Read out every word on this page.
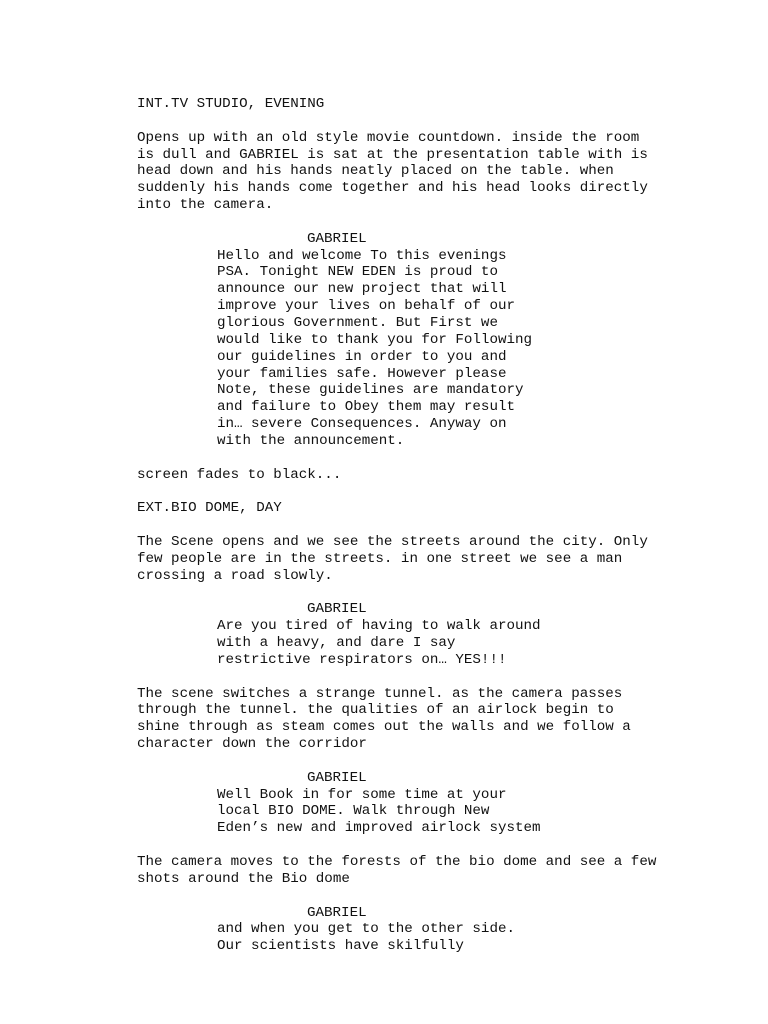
INT.TV STUDIO, EVENING
Opens up with an old style movie countdown. inside the room
is dull and GABRIEL is sat at the presentation table with is
head down and his hands neatly placed on the table. when
suddenly his hands come together and his head looks directly
into the camera.
GABRIEL
Hello and welcome To this evenings
PSA. Tonight NEW EDEN is proud to
announce our new project that will
improve your lives on behalf of our
glorious Government. But First we
would like to thank you for Following
our guidelines in order to you and
your families safe. However please
Note, these guidelines are mandatory
and failure to Obey them may result
in… severe Consequences. Anyway on
with the announcement.
screen fades to black...
EXT.BIO DOME, DAY
The Scene opens and we see the streets around the city. Only
few people are in the streets. in one street we see a man
crossing a road slowly.
GABRIEL
Are you tired of having to walk around
with a heavy, and dare I say
restrictive respirators on… YES!!!
The scene switches a strange tunnel. as the camera passes
through the tunnel. the qualities of an airlock begin to
shine through as steam comes out the walls and we follow a
character down the corridor
GABRIEL
Well Book in for some time at your
local BIO DOME. Walk through New
Eden’s new and improved airlock system
The camera moves to the forests of the bio dome and see a few
shots around the Bio dome
GABRIEL
and when you get to the other side.
Our scientists have skilfully
